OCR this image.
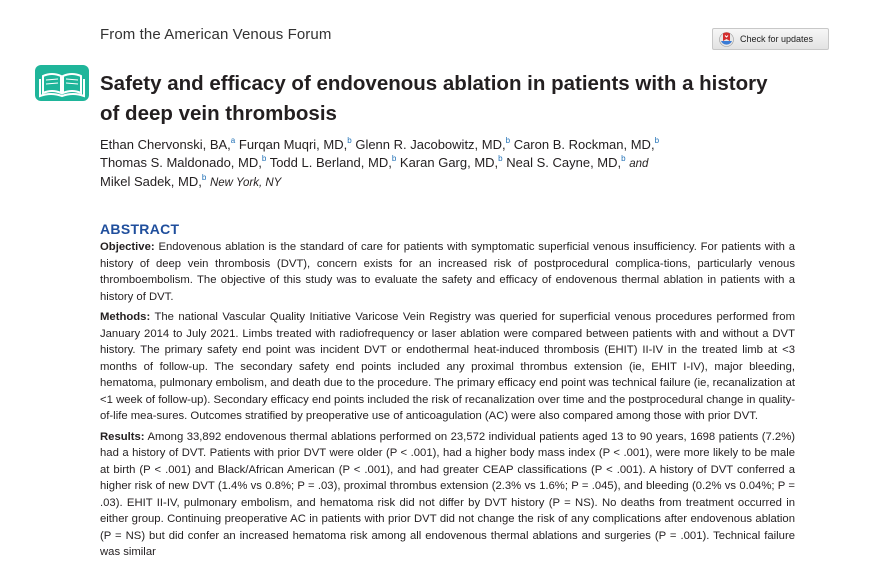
From the American Venous Forum	Check for updates
Safety and efficacy of endovenous ablation in patients with a history of deep vein thrombosis
Ethan Chervonski, BA,$^a$ Furqan Muqri, MD,$^b$ Glenn R. Jacobowitz, MD,$^b$ Caron B. Rockman, MD,$^b$
Thomas S. Maldonado, MD,$^b$ Todd L. Berland, MD,$^b$ Karan Garg, MD,$^b$ Neal S. Cayne, MD,$^b$ and
Mikel Sadek, MD,$^b$ New York, NY
ABSTRACT

Objective: Endovenous ablation is the standard of care for patients with symptomatic superficial venous insufficiency. For patients with a history of deep vein thrombosis (DVT), concern exists for an increased risk of postprocedural complica-tions, particularly venous thromboembolism. The objective of this study was to evaluate the safety and efficacy of endovenous thermal ablation in patients with a history of DVT.

Methods: The national Vascular Quality Initiative Varicose Vein Registry was queried for superficial venous procedures performed from January 2014 to July 2021. Limbs treated with radiofrequency or laser ablation were compared between patients with and without a DVT history. The primary safety end point was incident DVT or endothermal heat-induced thrombosis (EHIT) II-IV in the treated limb at <3 months of follow-up. The secondary safety end points included any proximal thrombus extension (ie, EHIT I-IV), major bleeding, hematoma, pulmonary embolism, and death due to the procedure. The primary efficacy end point was technical failure (ie, recanalization at <1 week of follow-up). Secondary efficacy end points included the risk of recanalization over time and the postprocedural change in quality-of-life mea-sures. Outcomes stratified by preoperative use of anticoagulation (AC) were also compared among those with prior DVT.

Results: Among 33,892 endovenous thermal ablations performed on 23,572 individual patients aged 13 to 90 years, 1698 patients (7.2%) had a history of DVT. Patients with prior DVT were older (P < .001), had a higher body mass index (P < .001), were more likely to be male at birth (P < .001) and Black/African American (P < .001), and had greater CEAP classifications (P < .001). A history of DVT conferred a higher risk of new DVT (1.4% vs 0.8%; P = .03), proximal thrombus extension (2.3% vs 1.6%; P = .045), and bleeding (0.2% vs 0.04%; P = .03). EHIT II-IV, pulmonary embolism, and hematoma risk did not differ by DVT history (P = NS). No deaths from treatment occurred in either group. Continuing preoperative AC in patients with prior DVT did not change the risk of any complications after endovenous ablation (P = NS) but did confer an increased hematoma risk among all endovenous thermal ablations and surgeries (P = .001). Technical failure was similar
